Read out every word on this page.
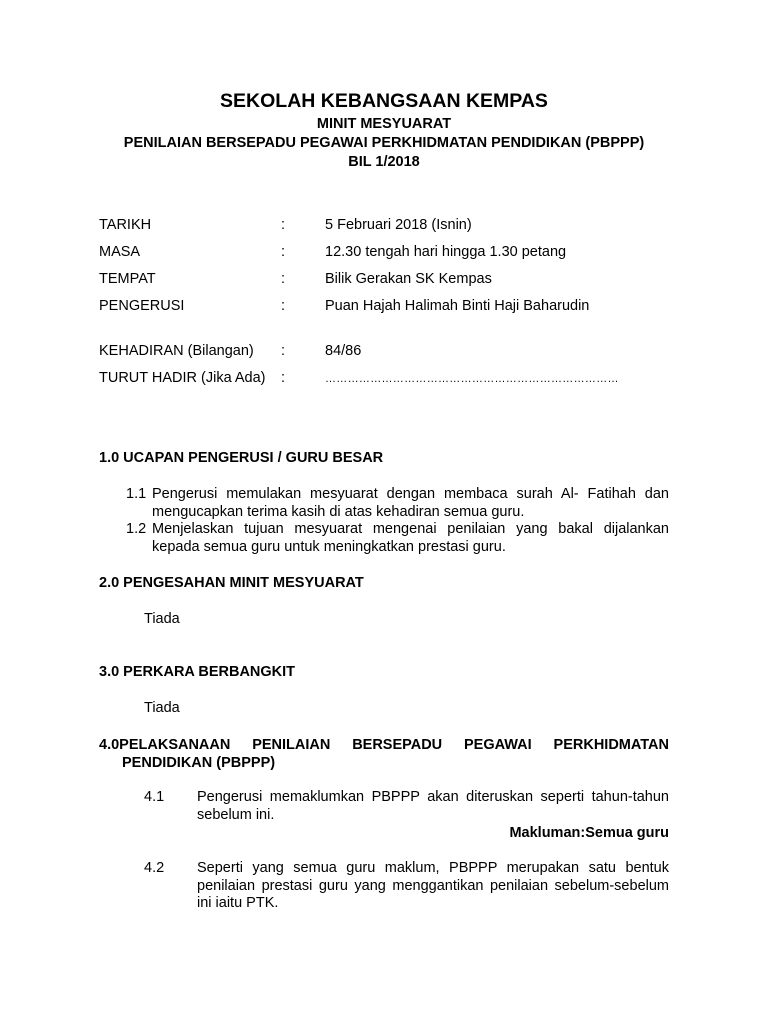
SEKOLAH KEBANGSAAN KEMPAS
MINIT MESYUARAT
PENILAIAN BERSEPADU PEGAWAI PERKHIDMATAN PENDIDIKAN (PBPPP)
BIL 1/2018
TARIKH	:	5 Februari 2018 (Isnin)
MASA	:	12.30 tengah hari hingga 1.30 petang
TEMPAT	:	Bilik Gerakan SK Kempas
PENGERUSI	:	Puan Hajah Halimah Binti Haji Baharudin
KEHADIRAN (Bilangan) :	84/86
TURUT HADIR (Jika Ada) :	……………………………………………………………………
1.0 UCAPAN PENGERUSI / GURU BESAR
1.1 Pengerusi memulakan mesyuarat dengan membaca surah Al- Fatihah dan mengucapkan terima kasih di atas kehadiran semua guru.
1.2 Menjelaskan tujuan mesyuarat mengenai penilaian yang bakal dijalankan kepada semua guru untuk meningkatkan prestasi guru.
2.0 PENGESAHAN MINIT MESYUARAT
Tiada
3.0 PERKARA BERBANGKIT
Tiada
4.0PELAKSANAAN PENILAIAN BERSEPADU PEGAWAI PERKHIDMATAN
PENDIDIKAN (PBPPP)
4.1 Pengerusi memaklumkan PBPPP akan diteruskan seperti tahun-tahun sebelum ini.
Makluman:Semua guru
4.2 Seperti yang semua guru maklum, PBPPP merupakan satu bentuk penilaian prestasi guru yang menggantikan penilaian sebelum-sebelum ini iaitu PTK.
